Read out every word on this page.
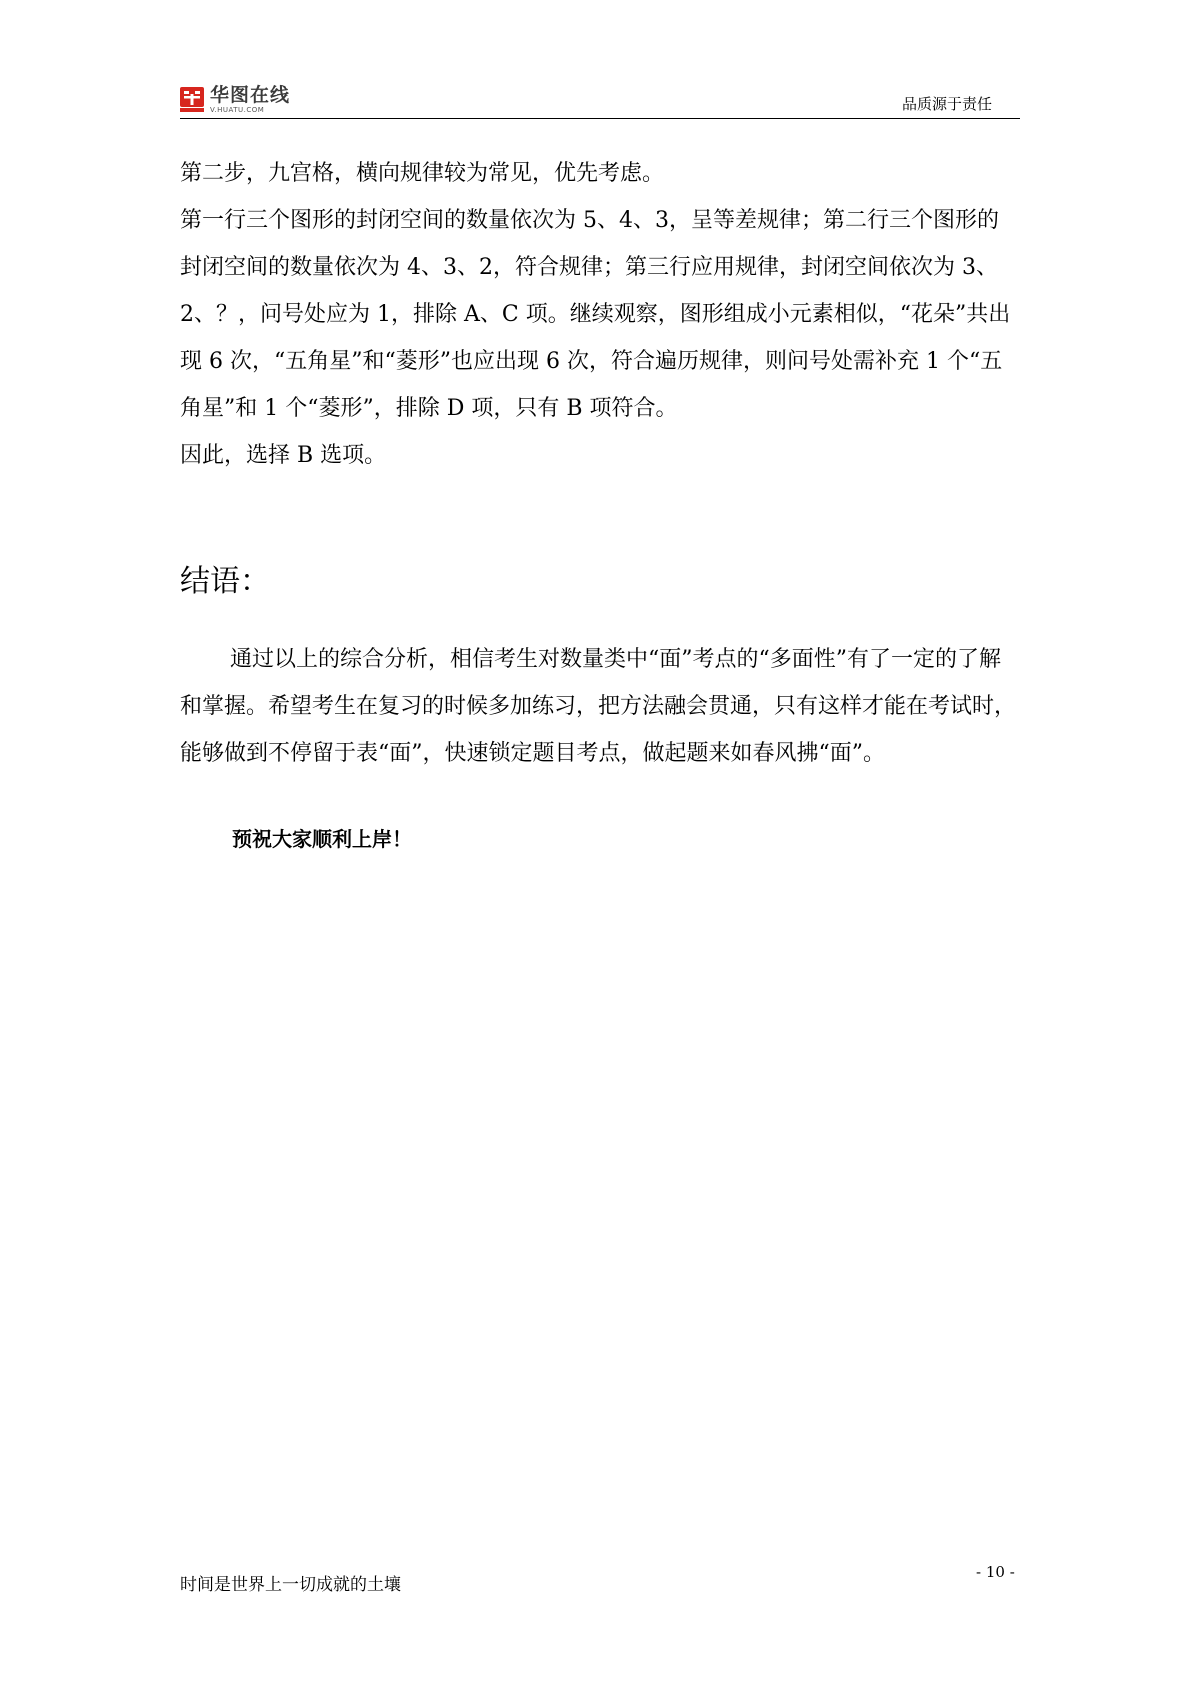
华图在线
V.HUATU.COM	品质源于责任

第二步，九宫格，横向规律较为常见，优先考虑。

第一行三个图形的封闭空间的数量依次为 5、4、3，呈等差规律；第二行三个图形的封闭空间的数量依次为 4、3、2，符合规律；第三行应用规律，封闭空间依次为 3、2、？，问号处应为 1，排除 A、C 项。继续观察，图形组成小元素相似，“花朵”共出现 6 次，“五角星”和“菱形”也应出现 6 次，符合遍历规律，则问号处需补充 1 个“五角星”和 1 个“菱形”，排除 D 项，只有 B 项符合。

因此，选择 B 选项。

结语：

通过以上的综合分析，相信考生对数量类中“面”考点的“多面性”有了一定的了解和掌握。希望考生在复习的时候多加练习，把方法融会贯通，只有这样才能在考试时，能够做到不停留于表“面”，快速锁定题目考点，做起题来如春风拂“面”。

预祝大家顺利上岸！

时间是世界上一切成就的土壤
- 10 -
